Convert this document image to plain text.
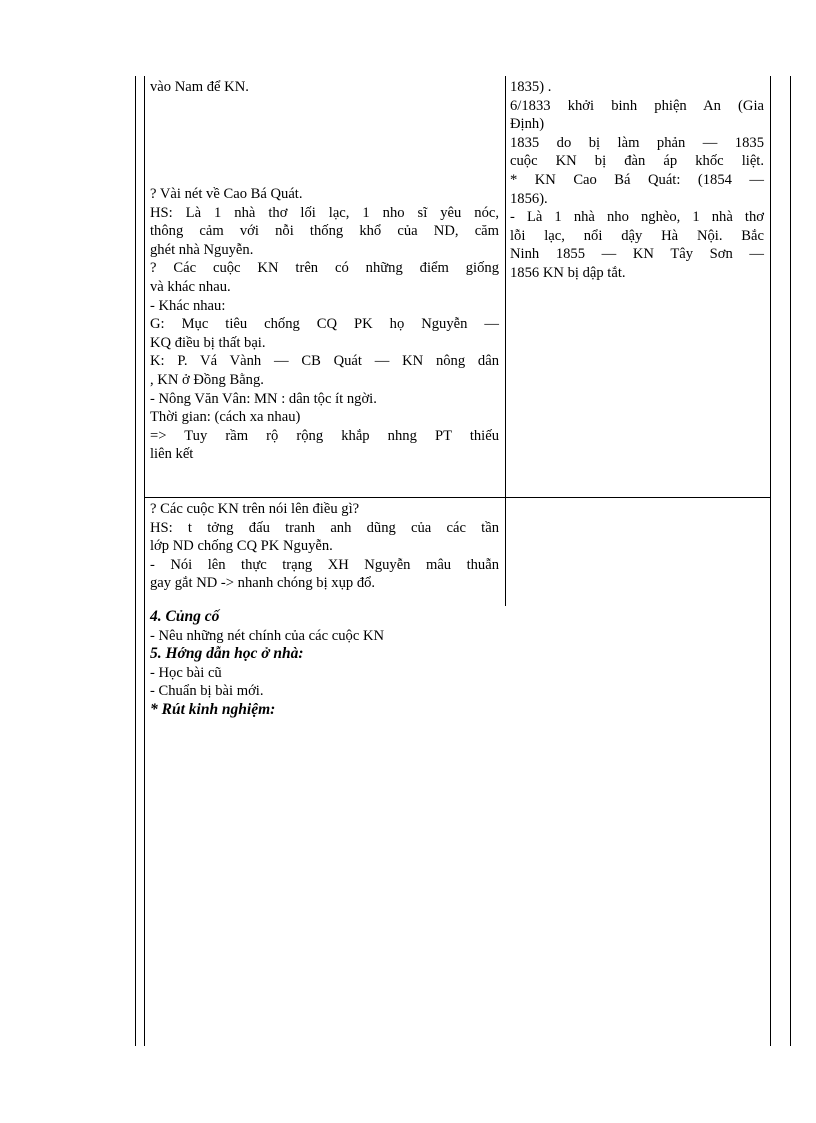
vào Nam để KN.

? Vài nét về Cao Bá Quát.

HS: Là 1 nhà thơ lối lạc, 1 nho sĩ yêu nóc,

thông cảm với nỗi thống khổ của ND, căm

ghét nhà Nguyễn.

? Các cuộc KN trên có những điểm giống

và khác nhau.

- Khác nhau:

G: Mục tiêu chống CQ PK họ Nguyễn —

KQ điều bị thất bại.

K: P. Vá Vành — CB Quát — KN nông dân

, KN ở Đồng Bằng.

- Nông Văn Vân: MN : dân tộc ít ngời.

Thời gian: (cách xa nhau)

=> Tuy rầm rộ rộng khắp nhng PT thiếu

liên kết

1835) .

6/1833 khởi binh phiện An (Gia

Định)

1835 do bị làm phản — 1835

cuộc KN bị đàn áp khốc liệt.

* KN Cao Bá Quát: (1854 —

1856).

- Là 1 nhà nho nghèo, 1 nhà thơ

lỗi lạc, nổi dậy Hà Nội. Bắc

Ninh 1855 — KN Tây Sơn —

1856 KN bị dập tắt.

? Các cuộc KN trên nói lên điều gì?

HS: t tởng đấu tranh anh dũng của các tần

lớp ND chống CQ PK Nguyễn.

- Nói lên thực trạng XH Nguyễn mâu thuẫn

gay gắt ND -> nhanh chóng bị xụp đổ.

4. Củng cố

- Nêu những nét chính của các cuộc KN

5. Hớng dẫn học ở nhà:

- Học bài cũ

- Chuẩn bị bài mới.

* Rút kinh nghiệm:
